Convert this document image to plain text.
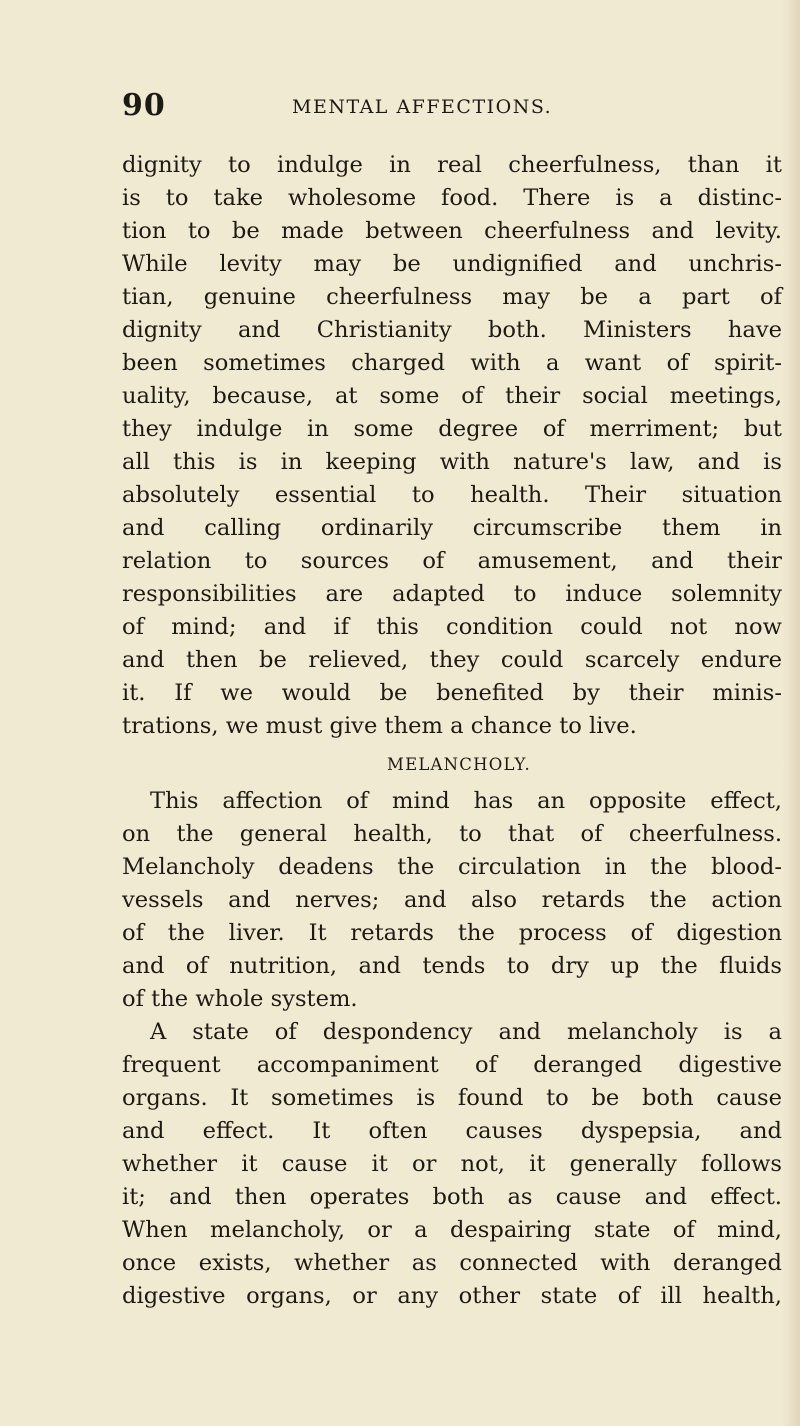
90	MENTAL AFFECTIONS.
dignity to indulge in real cheerfulness, than it
is to take wholesome food. There is a distinc-
tion to be made between cheerfulness and levity.
While levity may be undignified and unchris-
tian, genuine cheerfulness may be a part of
dignity and Christianity both. Ministers have
been sometimes charged with a want of spirit-
uality, because, at some of their social meetings,
they indulge in some degree of merriment; but
all this is in keeping with nature's law, and is
absolutely essential to health. Their situation
and calling ordinarily circumscribe them in
relation to sources of amusement, and their
responsibilities are adapted to induce solemnity
of mind; and if this condition could not now
and then be relieved, they could scarcely endure
it. If we would be benefited by their minis-
trations, we must give them a chance to live.
MELANCHOLY.
This affection of mind has an opposite effect,
on the general health, to that of cheerfulness.
Melancholy deadens the circulation in the blood-
vessels and nerves; and also retards the action
of the liver. It retards the process of digestion
and of nutrition, and tends to dry up the fluids
of the whole system.
A state of despondency and melancholy is a
frequent accompaniment of deranged digestive
organs. It sometimes is found to be both cause
and effect. It often causes dyspepsia, and
whether it cause it or not, it generally follows
it; and then operates both as cause and effect.
When melancholy, or a despairing state of mind,
once exists, whether as connected with deranged
digestive organs, or any other state of ill health,
